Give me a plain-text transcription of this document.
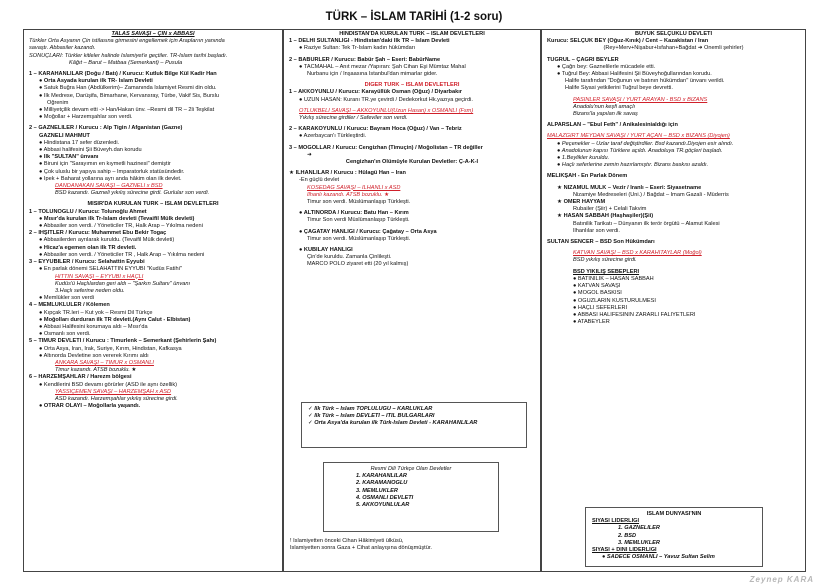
TÜRK – İSLAM TARİHİ (1-2 soru)
TALAS SAVAŞI – ÇİN x ABBASİ
Türkler Orta Asyanın Çin istilasına girmesini engellemek için Araplarıın yanında
savaştı. Abbasiler kazandı.
SONUÇLARI: Türkler kitleler halinde İslamiyet'e geçtiler. TR-İslam tarihi başladı.
Kâğıt – Barut – Matbaa (Semerkant) – Pusula
1 – KARAHANLILAR (Doğu / Batı) / Kurucu: Kutluk Bilge Kül Kadir Han
● Orta Asyada kurulan ilk TR- İslam Devleti
● Satuk Buğra Han (Abdülkerim)– Zamanında İslamiyet Resmi din oldu.
● İlk Medrese, Darüşifa, Bimarhane, Kervansray, Türbe, Vakif Sis, Burslu
Öğrenim
● Milliyetçilik devam etti -> Han/Hakan ünv. –Resmi dil TR – 2li Teşkilat
● Moğollar + Harzemşahlar son verdi.
2 – GAZNELİLER / Kurucu : Alp Tigin / Afganistan (Gazne)
GAZNELİ MAHMUT
● Hindistana 17 sefer düzenledi.
● Abbasi halifesini Şii Büveyh.dan korudu
● İlk "SULTAN" ünvanı
● Biruni için "Sarayımın en kıymetli hazinesi" demiştir
● Çok uluslu bir yapıya sahip – İmparatorluk statüsündedir.
● İpek + Baharat yollarına ayrı anda hâkim olan ilk devlet.
DANDANAKAN SAVAŞI – GAZNELİ x BSD
BSD kazandı. Gazneli yıkılış sürecine girdi. Gurlular son verdi.
MISIR'DA KURULAN TÜRK – İSLAM DEVLETLERİ
1 – TOLUNOĞLU / Kurucu: Tolunoğlu Ahmet
● Mısır'da kurulan ilk Tr-İslam devleti (Tevaifil Mülk devleti)
● Abbasiler son verdi. / Yöneticiler TR, Halk Arap – Yıkılma nedeni
2 – İHŞİTLER / Kurucu: Muhammet Ebu Bekir Togaç
● Abbasilerden ayrılarak kuruldu. (Tevaifil Mülk devleti)
● Hicaz'a egemen olan ilk TR devleti.
● Abbasiler son verdi. / Yöneticiler TR , Halk Arap – Yıkılma nedeni
3 – EYYUBİLER / Kurucu: Selahattin Eyyubi
● En parlak dönemi SELAHATTİN EYYUBİ "Kudüs Fatihi"
HİTTİN SAVAŞI – EYYUBİ x HAÇLI
Kudüs'ü Haçlılardan geri aldı – "Şarkın Sultanı" ünvanı
3.Haçlı seferine neden oldu.
● Memlükler son verdi
4 – MEMLÜKLÜLER / Kölemen
● Kıpçak TR.leri – Kut yok – Resmi Dil Türkçe
● Moğolları durduran ilk TR devleti.(Aynı Calut - Elbistan)
● Abbasi Halifesini korumaya aldı – Mısır'da
● Osmanlı son verdi.
5 – TİMUR DEVLETİ / Kurucu : Timurlenk – Semerkant (Şehirlerin Şahı)
● Orta Asya, İran, Irak, Suriye, Kırım, Hindistan, Kafkasya
● Altınorda Devletine son vererek Kırımı aldı
ANKARA SAVAŞI – TİMUR x OSMANLI
Timur kazandı. ATSB bozuklu. ★
6 – HARZEMŞAHLAR / Harezm bölgesi
● Kendilerini BSD devamı görürler (ASD ile aynı özellik)
YASSIÇEMEN SAVAŞI – HARZEMŞAH x ASD
ASD kazandı. Harzemşahlar yıkılış sürecine girdi.
● OTRAR OLAYI – Moğollarla yaşandı.
HİNDİSTAN'DA KURULAN TÜRK – İSLAM DEVLETLERİ
1 – DELHİ SULTANLIĞI - Hindistan'daki İlk TR – İslam Devleti
● Raziye Sultan: Tek Tr-İslam kadın hükümdarı
2 – BABÜRLER / Kurucu: Babür Şah – Eseri: BabürName
● TACMAHAL – Anıt mezar /Yapıran: Şah Cihan Eşi Mümtaz Mahal
Nurbanu için / İnşaasına İstanbul'dan mimarlar gider.
DİĞER TÜRK – İSLAM DEVLETLERİ
1 – AKKOYUNLU / Kurucu: Karayüllük Osman (Oğuz) / Diyarbakır
● UZUN HASAN: Kuranı TR.ye çevirdi / Dedekorkut Hk.yazıya geçirdi.
OTLUKBELİ SAVAŞI – AKKOYUNLU(Uzun Hasan) x OSMANLI (Fsm)
Yıkılış sürecine girdiler / Safeviler son verdi.
2 – KARAKOYUNLU / Kurucu: Bayram Hoca (Oğuz) / Van – Tebriz
● Azerbaycan'ı Türkleştirdi.
3 – MOĞOLLAR / Kurucu: Cengizhan (Timuçin) / Moğolistan – TR değiller
➜
Cengizhan'ın Ölümüyle Kurulan Devletler: Ç-A-K-İ
★ İLHANLILAR / Kurucu : Hülagü Han – İran
-En güçlü devlet
KÖSEDAĞ SAVAŞI – İLHANLI x ASD
İlhanlı kazandı. ATSB bozuklu. ★
Timur son verdi. Müslümanlaşıp Türkleşti.
● ALTINORDA / Kurucu: Batu Han – Kırım
Timur Son verdi Müslümanlaşıp Türkleşti.
● ÇAĞATAY HANLIĞI / Kurucu: Çağatay – Orta Asya
Timur son verdi. Müslümanlaşıp Türkleşti.
● KUBİLAY HANLIĞI
Çin'de kuruldu. Zamanla Çinlileşti.
MARCO POLO ziyaret etti (20 yıl kalmış)
✓ İlk Türk – İslam TOPLULUĞU – KARLUKLAR
✓ İlk Türk – İslam DEVLETİ – İTİL BULGARLARI
✓ Orta Asya'da kurulan ilk Türk-İslam Devleti - KARAHANLILAR
Resmi Dili Türkçe Olan Devletler
1. KARAHANLILAR
2. KARAMANOĞLU
3. MEMLÜKLER
4. OSMANLI DEVLETİ
5. AKKOYUNLULAR
! İslamiyetten önceki Cihan Hâkimiyeti ülküsü,
İslamiyetten sonra Gaza + Cihat anlayışına dönüşmüştür.
BÜYÜK SELÇUKLU DEVLETİ
Kurucu: SELÇUK BEY (Oğuz-Kınık) / Cent – Kazakistan / İran
(Rey+Merv+Nişabur+İsfahan+Bağdat ➜ Önemli şehirler)
TUĞRUL – ÇAĞRI BEYLER
● Çağrı bey: Gaznelilerle mücadele etti.
● Tuğrul Bey: Abbasi Halifesini Şii Büveyhoğullarından korudu.
Halife tarafından "Doğunun ve batının hükümdarı" ünvanı verildi.
Halife Siyasi yetkilerini Tuğrul beye devretti.
PASİNLER SAVAŞI / YURT ARAYAN - BSD x BİZANS
Anadolu'nun keşfi amaçlı
Bizans'la yapılan ilk savaş
ALPARSLAN – "Ebul Feth" / Anikalesinialdığı için
MALAZGİRT MEYDAN SAVAŞI / YURT AÇAN – BSD x BİZANS (Diyojen)
● Peçenekler – Uzlar taraf değiştirdiler. Bsd kazandı.Diyojen esir alındı.
● Anadolunun kapısı Türklere açıldı. Anadoluya TR.göçleri başladı.
● 1.Beylikler kuruldu.
● Haçlı seferlerine zemin hazırlamıştır. Bizans baskısı azaldı.
MELİKŞAH - En Parlak Dönem
★ NİZAMÜL MÜLK – Vezir / İranlı – Eseri: Siyasetname
Nizamiye Medreseleri (Üni.) / Bağdat – İmam Gazali - Müderris
★ ÖMER HAYYAM
Rubailer (Şiir) + Celali Takvim
★ HASAN SABBAH (Haşhaşiler)(Şii)
Batınilik Tarikatı – Dünyanın ilk terör örgütü – Alamut Kalesi
İlhanlılar son verdi.
SULTAN SENCER – BSD Son Hükümdarı
KATVAN SAVAŞI – BSD x KARAHİTAYLAR (Moğol)
BSD yıkılış sürecine girdi.
BSD YIKILIŞ SEBEPLERİ
● BATINİLİK – HASAN SABBAH
● KATVAN SAVAŞI
● MOĞOL BASKISI
● OĞUZLARIN KÜSTÜRÜLMESİ
● HAÇLI SEFERLERİ
● ABBASİ HALİFESİNİN ZARARLI FALİYETLERİ
● ATABEYLER
İSLAM DÜNYASI'NIN
SİYASİ LİDERLİĞİ
1. GAZNELİLER
2. BSD
3. MEMLÜKLER
SİYASİ + DİNİ LİDERLİĞİ
● SADECE OSMANLI – Yavuz Sultan Selim
Zeynep KARA
